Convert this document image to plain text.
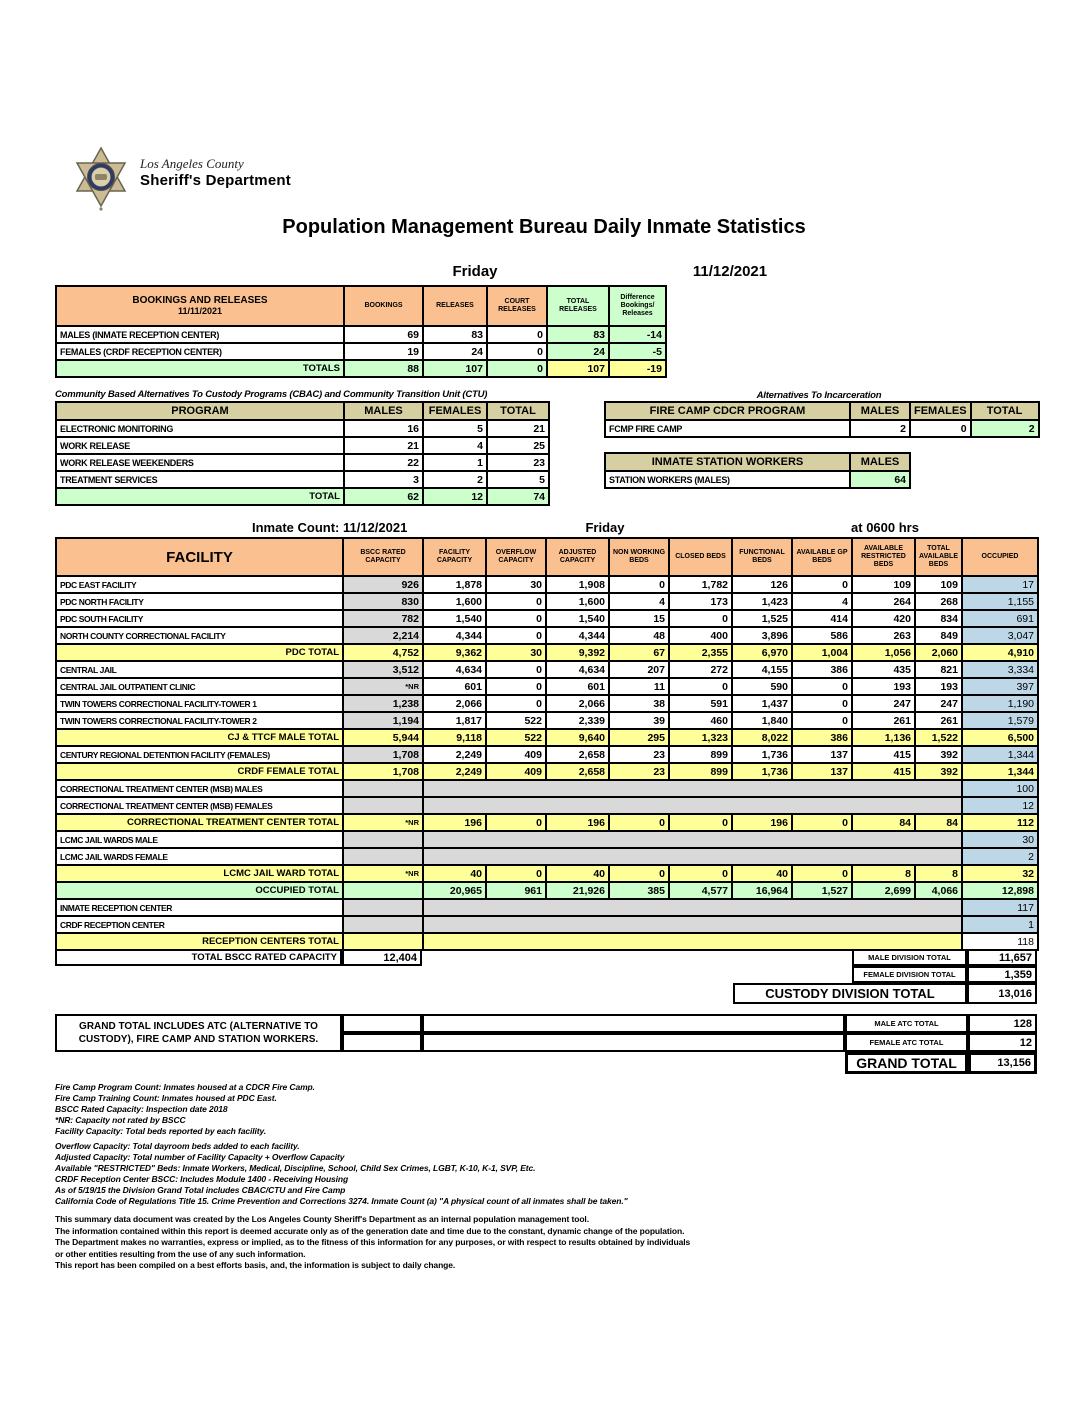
Los Angeles County
Sheriff's Department
Population Management Bureau Daily Inmate Statistics
Friday	11/12/2021
BOOKINGS AND RELEASES
11/11/2021	BOOKINGS	RELEASES	COURT RELEASES	TOTAL RELEASES	Difference Bookings/ Releases
MALES (INMATE RECEPTION CENTER)	69	83	0	83	-14
FEMALES (CRDF RECEPTION CENTER)	19	24	0	24	-5
TOTALS	88	107	0	107	-19
Community Based Alternatives To Custody Programs (CBAC) and Community Transition Unit (CTU)
PROGRAM	MALES	FEMALES	TOTAL
ELECTRONIC MONITORING	16	5	21
WORK RELEASE	21	4	25
WORK RELEASE WEEKENDERS	22	1	23
TREATMENT SERVICES	3	2	5
TOTAL	62	12	74
Alternatives To Incarceration
FIRE CAMP CDCR PROGRAM	MALES	FEMALES	TOTAL
FCMP FIRE CAMP	2	0	2
INMATE STATION WORKERS	MALES
STATION WORKERS (MALES)	64
Inmate Count: 11/12/2021	Friday	at 0600 hrs
FACILITY	BSCC RATED CAPACITY	FACILITY CAPACITY	OVERFLOW CAPACITY	ADJUSTED CAPACITY	NON WORKING BEDS	CLOSED BEDS	FUNCTIONAL BEDS	AVAILABLE GP BEDS	AVAILABLE RESTRICTED BEDS	TOTAL AVAILABLE BEDS	OCCUPIED
PDC EAST FACILITY	926	1,878	30	1,908	0	1,782	126	0	109	109	17
PDC NORTH FACILITY	830	1,600	0	1,600	4	173	1,423	4	264	268	1,155
PDC SOUTH FACILITY	782	1,540	0	1,540	15	0	1,525	414	420	834	691
NORTH COUNTY CORRECTIONAL FACILITY	2,214	4,344	0	4,344	48	400	3,896	586	263	849	3,047
PDC TOTAL	4,752	9,362	30	9,392	67	2,355	6,970	1,004	1,056	2,060	4,910
CENTRAL JAIL	3,512	4,634	0	4,634	207	272	4,155	386	435	821	3,334
CENTRAL JAIL OUTPATIENT CLINIC	*NR	601	0	601	11	0	590	0	193	193	397
TWIN TOWERS CORRECTIONAL FACILITY-TOWER 1	1,238	2,066	0	2,066	38	591	1,437	0	247	247	1,190
TWIN TOWERS CORRECTIONAL FACILITY-TOWER 2	1,194	1,817	522	2,339	39	460	1,840	0	261	261	1,579
CJ & TTCF MALE TOTAL	5,944	9,118	522	9,640	295	1,323	8,022	386	1,136	1,522	6,500
CENTURY REGIONAL DETENTION FACILITY (FEMALES)	1,708	2,249	409	2,658	23	899	1,736	137	415	392	1,344
CRDF FEMALE TOTAL	1,708	2,249	409	2,658	23	899	1,736	137	415	392	1,344
CORRECTIONAL TREATMENT CENTER (MSB) MALES											100
CORRECTIONAL TREATMENT CENTER (MSB) FEMALES											12
CORRECTIONAL TREATMENT CENTER TOTAL	*NR	196	0	196	0	0	196	0	84	84	112
LCMC JAIL WARDS MALE											30
LCMC JAIL WARDS FEMALE											2
LCMC JAIL WARD TOTAL	*NR	40	0	40	0	0	40	0	8	8	32
OCCUPIED TOTAL		20,965	961	21,926	385	4,577	16,964	1,527	2,699	4,066	12,898
INMATE RECEPTION CENTER											117
CRDF RECEPTION CENTER											1
RECEPTION CENTERS TOTAL											118
TOTAL BSCC RATED CAPACITY	12,404	MALE DIVISION TOTAL	11,657
FEMALE DIVISION TOTAL	1,359
CUSTODY DIVISION TOTAL	13,016
GRAND TOTAL INCLUDES ATC (ALTERNATIVE TO
CUSTODY), FIRE CAMP AND STATION WORKERS.
MALE ATC TOTAL	128
FEMALE ATC TOTAL	12
GRAND TOTAL	13,156
Fire Camp Program Count: Inmates housed at a CDCR Fire Camp.
Fire Camp Training Count: Inmates housed at PDC East.
BSCC Rated Capacity: Inspection date 2018
*NR: Capacity not rated by BSCC
Facility Capacity: Total beds reported by each facility.
Overflow Capacity: Total dayroom beds added to each facility.
Adjusted Capacity: Total number of Facility Capacity + Overflow Capacity
Available "RESTRICTED" Beds: Inmate Workers, Medical, Discipline, School, Child Sex Crimes, LGBT, K-10, K-1, SVP, Etc.
CRDF Reception Center BSCC: Includes Module 1400 - Receiving Housing
As of 5/19/15 the Division Grand Total includes CBAC/CTU and Fire Camp
California Code of Regulations Title 15. Crime Prevention and Corrections 3274. Inmate Count (a) "A physical count of all inmates shall be taken."
This summary data document was created by the Los Angeles County Sheriff's Department as an internal population management tool.
The information contained within this report is deemed accurate only as of the generation date and time due to the constant, dynamic change of the population.
The Department makes no warranties, express or implied, as to the fitness of this information for any purposes, or with respect to results obtained by individuals
or other entities resulting from the use of any such information.
This report has been compiled on a best efforts basis, and, the information is subject to daily change.
